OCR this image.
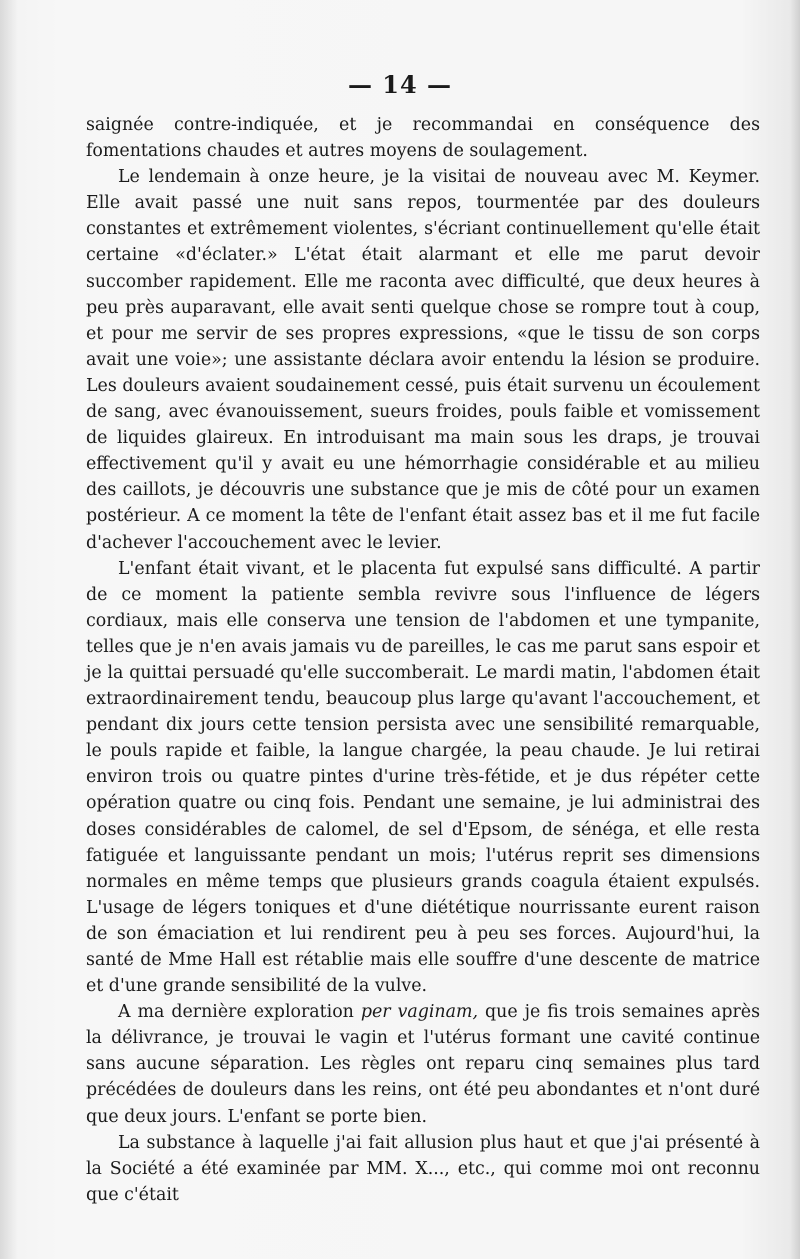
— 14 —

saignée contre-indiquée, et je recommandai en conséquence des fomentations chaudes et autres moyens de soulagement.

Le lendemain à onze heure, je la visitai de nouveau avec M. Keymer. Elle avait passé une nuit sans repos, tourmentée par des douleurs constantes et extrêmement violentes, s'écriant continuellement qu'elle était certaine «d'éclater.» L'état était alarmant et elle me parut devoir succomber rapidement. Elle me raconta avec difficulté, que deux heures à peu près auparavant, elle avait senti quelque chose se rompre tout à coup, et pour me servir de ses propres expressions, «que le tissu de son corps avait une voie»; une assistante déclara avoir entendu la lésion se produire. Les douleurs avaient soudainement cessé, puis était survenu un écoulement de sang, avec évanouissement, sueurs froides, pouls faible et vomissement de liquides glaireux. En introduisant ma main sous les draps, je trouvai effectivement qu'il y avait eu une hémorrhagie considérable et au milieu des caillots, je découvris une substance que je mis de côté pour un examen postérieur. A ce moment la tête de l'enfant était assez bas et il me fut facile d'achever l'accouchement avec le levier.

L'enfant était vivant, et le placenta fut expulsé sans difficulté. A partir de ce moment la patiente sembla revivre sous l'influence de légers cordiaux, mais elle conserva une tension de l'abdomen et une tympanite, telles que je n'en avais jamais vu de pareilles, le cas me parut sans espoir et je la quittai persuadé qu'elle succomberait. Le mardi matin, l'abdomen était extraordinairement tendu, beaucoup plus large qu'avant l'accouchement, et pendant dix jours cette tension persista avec une sensibilité remarquable, le pouls rapide et faible, la langue chargée, la peau chaude. Je lui retirai environ trois ou quatre pintes d'urine très-fétide, et je dus répéter cette opération quatre ou cinq fois. Pendant une semaine, je lui administrai des doses considérables de calomel, de sel d'Epsom, de sénéga, et elle resta fatiguée et languissante pendant un mois; l'utérus reprit ses dimensions normales en même temps que plusieurs grands coagula étaient expulsés. L'usage de légers toniques et d'une diététique nourrissante eurent raison de son émaciation et lui rendirent peu à peu ses forces. Aujourd'hui, la santé de Mme Hall est rétablie mais elle souffre d'une descente de matrice et d'une grande sensibilité de la vulve.

A ma dernière exploration per vaginam, que je fis trois semaines après la délivrance, je trouvai le vagin et l'utérus formant une cavité continue sans aucune séparation. Les règles ont reparu cinq semaines plus tard précédées de douleurs dans les reins, ont été peu abondantes et n'ont duré que deux jours. L'enfant se porte bien.

La substance à laquelle j'ai fait allusion plus haut et que j'ai présenté à la Société a été examinée par MM. X..., etc., qui comme moi ont reconnu que c'était
